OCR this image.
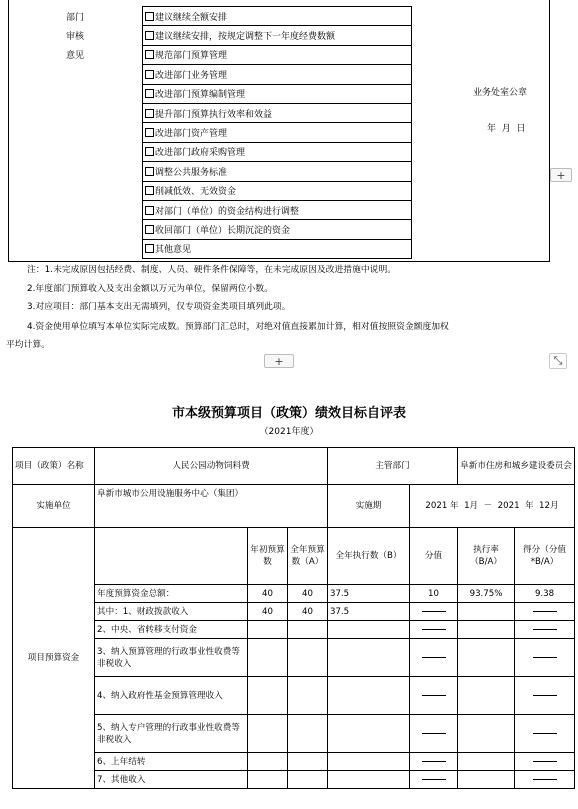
部门
审核
意见
建议继续全额安排
建议继续安排，按规定调整下一年度经费数额
规范部门预算管理
改进部门业务管理
改进部门预算编制管理
提升部门预算执行效率和效益
改进部门资产管理
改进部门政府采购管理
调整公共服务标准
削减低效、无效资金
对部门（单位）的资金结构进行调整
收回部门（单位）长期沉淀的资金
其他意见
业务处室公章
年  月  日
+
注：1.未完成原因包括经费、制度、人员、硬件条件保障等，在未完成原因及改进措施中说明。
2.年度部门预算收入及支出金额以万元为单位，保留两位小数。
3.对应项目：部门基本支出无需填列，仅专项资金类项目填列此项。
4.资金使用单位填写本单位实际完成数。预算部门汇总时，对绝对值直接累加计算，相对值按照资金额度加权
平均计算。
+	⤡
市本级预算项目（政策）绩效目标自评表
（2021年度）
项目（政策）名称	人民公园动物饲料费			主管部门		阜新市住房和城乡建设委员会	
实施单位	阜新市城市公用设施服务中心（集团）			实施期	2021 年  1月  －  2021  年  12月		
项目预算资金		年初预算数	全年预算数（A）	全年执行数（B）	分值	执行率（B/A）	得分（分值*B/A）
	年度预算资金总额：	40	40	37.5	10	93.75%	9.38
	其中：1、财政拨款收入	40	40	37.5			
	2、中央、省转移支付资金						
	3、纳入预算管理的行政事业性收费等非税收入						
	4、纳入政府性基金预算管理收入						
	5、纳入专户管理的行政事业性收费等非税收入						
	6、上年结转						
	7、其他收入						
